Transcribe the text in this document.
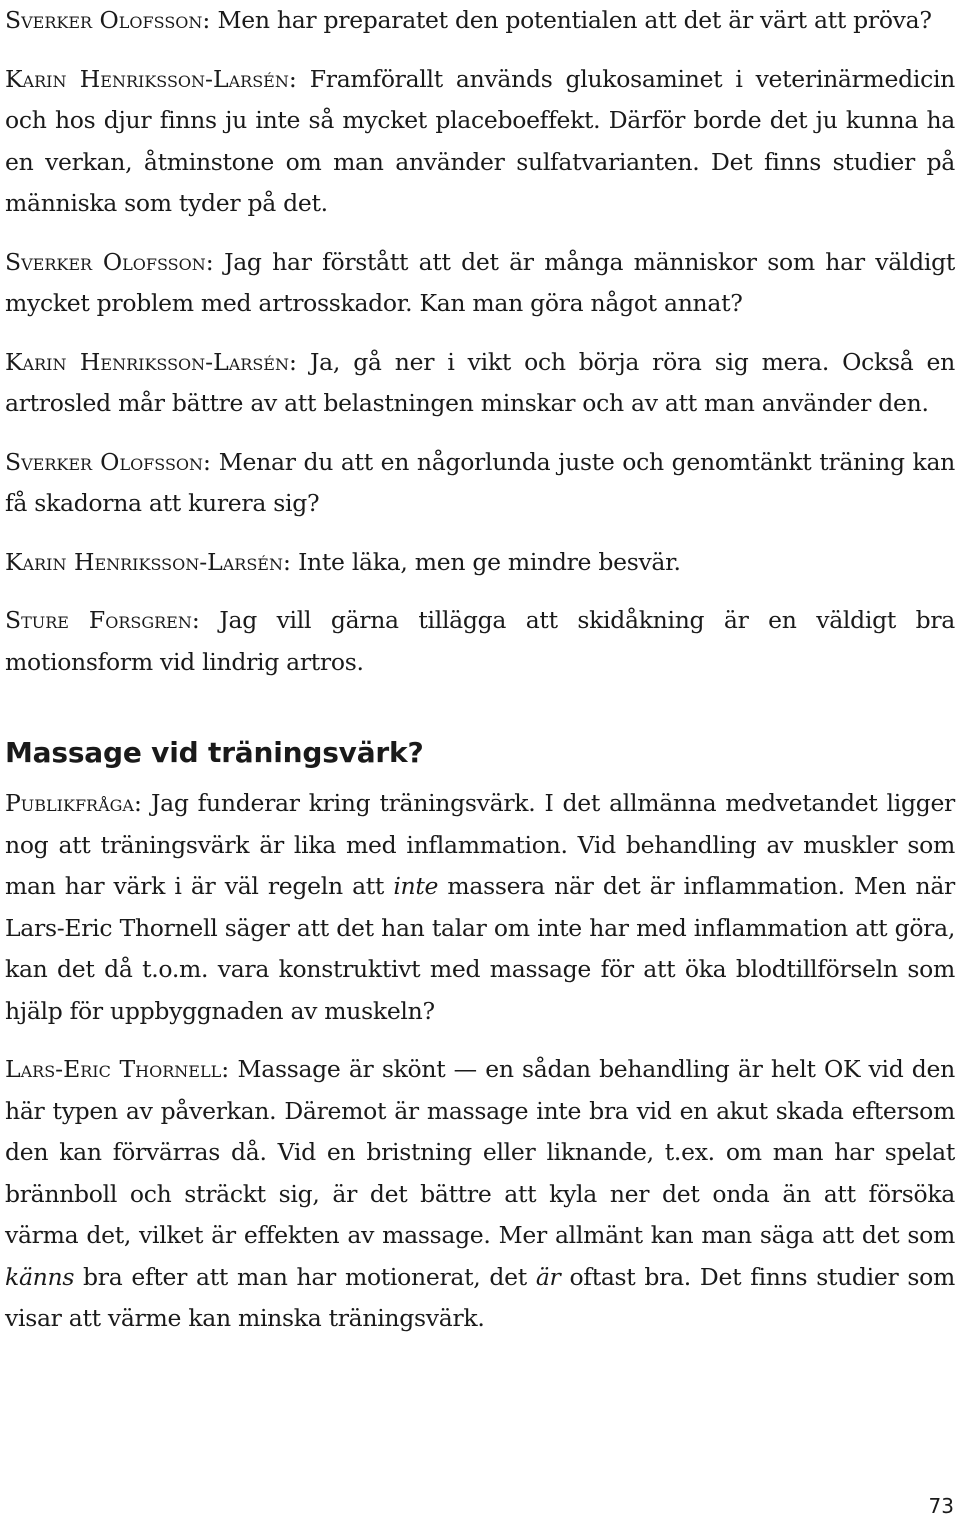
Sverker Olofsson: Men har preparatet den potentialen att det är värt att pröva?

Karin Henriksson-Larsén: Framförallt används glukosaminet i veterinärmedicin och hos djur finns ju inte så mycket placeboeffekt. Därför borde det ju kunna ha en verkan, åtminstone om man använder sulfatvarianten. Det finns studier på människa som tyder på det.

Sverker Olofsson: Jag har förstått att det är många människor som har väldigt mycket problem med artrosskador. Kan man göra något annat?

Karin Henriksson-Larsén: Ja, gå ner i vikt och börja röra sig mera. Också en artrosled mår bättre av att belastningen minskar och av att man använder den.

Sverker Olofsson: Menar du att en någorlunda juste och genomtänkt träning kan få skadorna att kurera sig?

Karin Henriksson-Larsén: Inte läka, men ge mindre besvär.

Sture Forsgren: Jag vill gärna tillägga att skidåkning är en väldigt bra motionsform vid lindrig artros.

Massage vid träningsvärk?

Publikfråga: Jag funderar kring träningsvärk. I det allmänna medvetandet ligger nog att träningsvärk är lika med inflammation. Vid behandling av muskler som man har värk i är väl regeln att inte massera när det är inflammation. Men när Lars-Eric Thornell säger att det han talar om inte har med inflammation att göra, kan det då t.o.m. vara konstruktivt med massage för att öka blodtillförseln som hjälp för uppbyggnaden av muskeln?

Lars-Eric Thornell: Massage är skönt — en sådan behandling är helt OK vid den här typen av påverkan. Däremot är massage inte bra vid en akut skada eftersom den kan förvärras då. Vid en bristning eller liknande, t.ex. om man har spelat brännboll och sträckt sig, är det bättre att kyla ner det onda än att försöka värma det, vilket är effekten av massage. Mer allmänt kan man säga att det som känns bra efter att man har motionerat, det är oftast bra. Det finns studier som visar att värme kan minska träningsvärk.

73
